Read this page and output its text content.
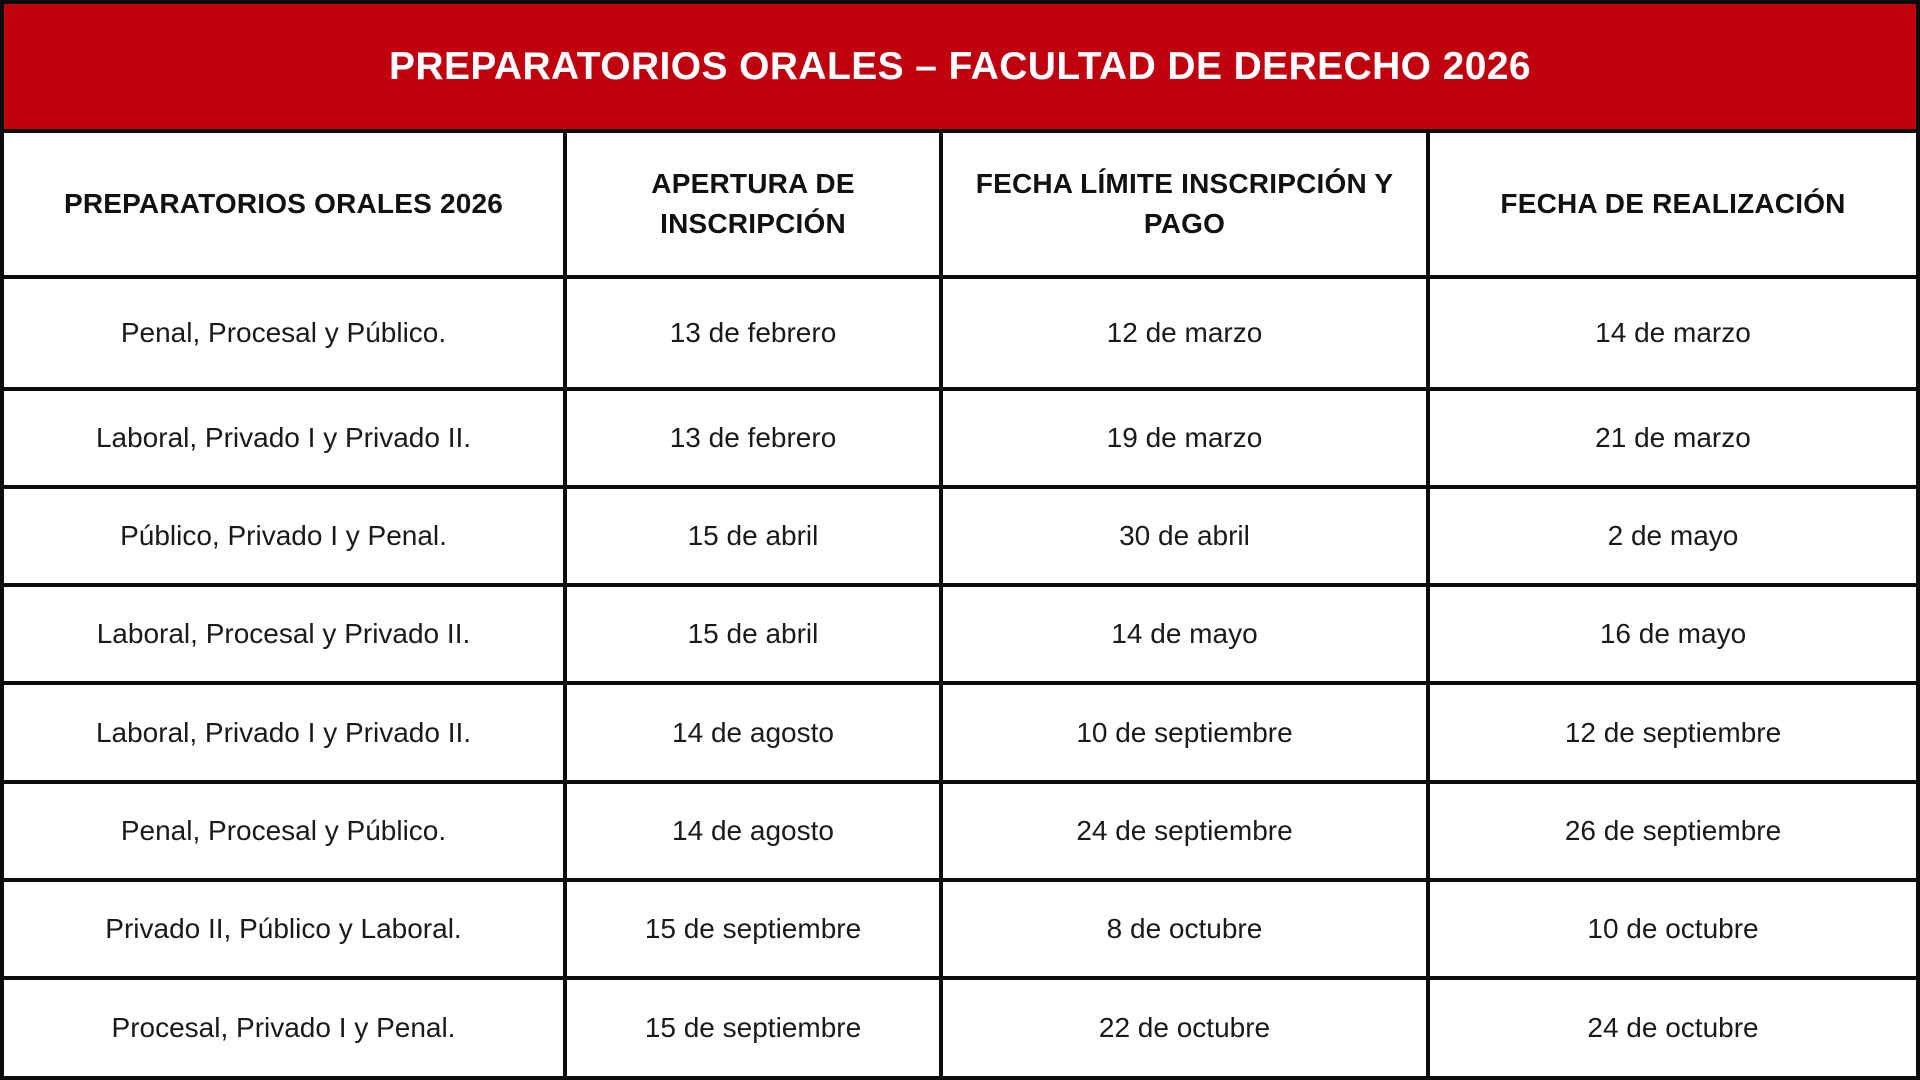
PREPARATORIOS ORALES – FACULTAD DE DERECHO 2026
PREPARATORIOS ORALES 2026	APERTURA DE INSCRIPCIÓN	FECHA LÍMITE INSCRIPCIÓN Y PAGO	FECHA DE REALIZACIÓN
Penal, Procesal y Público.	13 de febrero	12 de marzo	14 de marzo
Laboral, Privado I y Privado II.	13 de febrero	19 de marzo	21 de marzo
Público, Privado I y Penal.	15 de abril	30 de abril	2 de mayo
Laboral, Procesal y Privado II.	15 de abril	14 de mayo	16 de mayo
Laboral, Privado I y Privado II.	14 de agosto	10 de septiembre	12 de septiembre
Penal, Procesal y Público.	14 de agosto	24 de septiembre	26 de septiembre
Privado II, Público y Laboral.	15 de septiembre	8 de octubre	10 de octubre
Procesal, Privado I y Penal.	15 de septiembre	22 de octubre	24 de octubre
